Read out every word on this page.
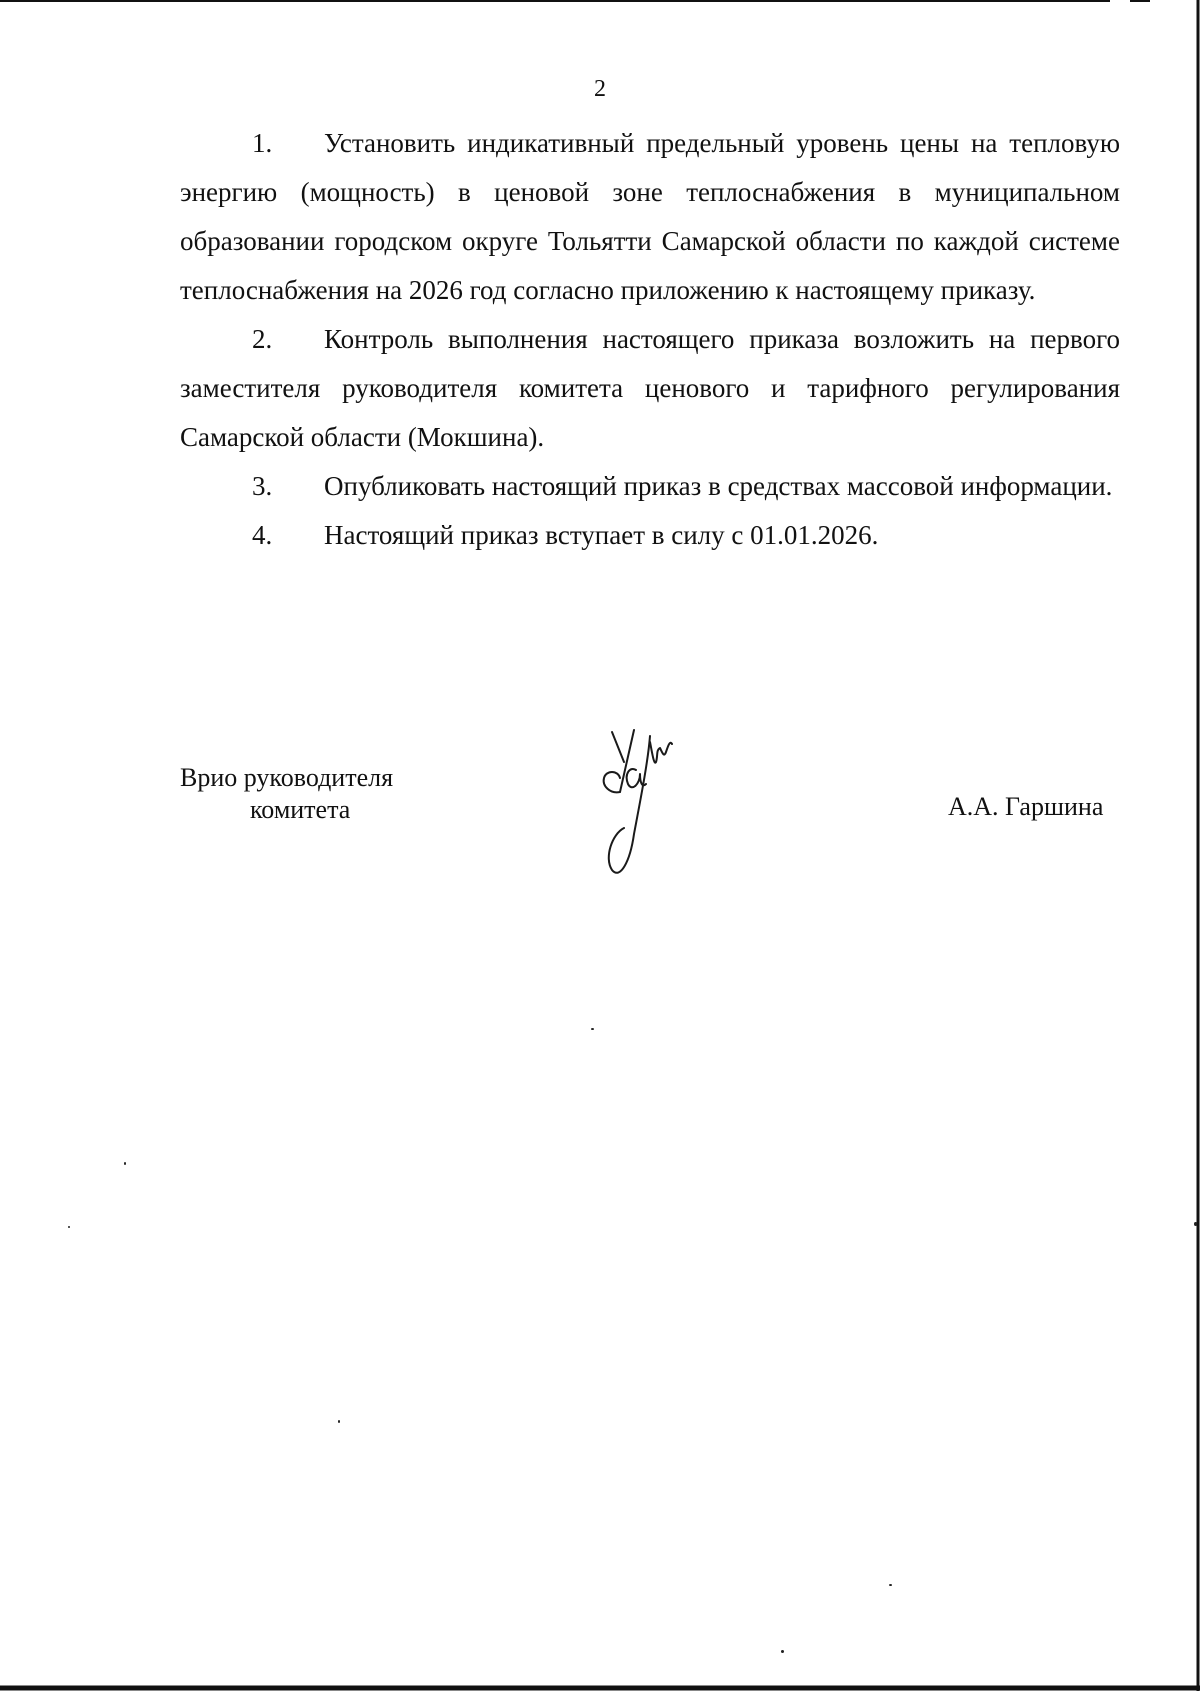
2

1. Установить индикативный предельный уровень цены на тепловую энергию (мощность) в ценовой зоне теплоснабжения в муниципальном образовании городском округе Тольятти Самарской области по каждой системе теплоснабжения на 2026 год согласно приложению к настоящему приказу.

2. Контроль выполнения настоящего приказа возложить на первого заместителя руководителя комитета ценового и тарифного регулирования Самарской области (Мокшина).

3. Опубликовать настоящий приказ в средствах массовой информации.

4. Настоящий приказ вступает в силу с 01.01.2026.

Врио руководителя
комитета	А.А. Гаршина
